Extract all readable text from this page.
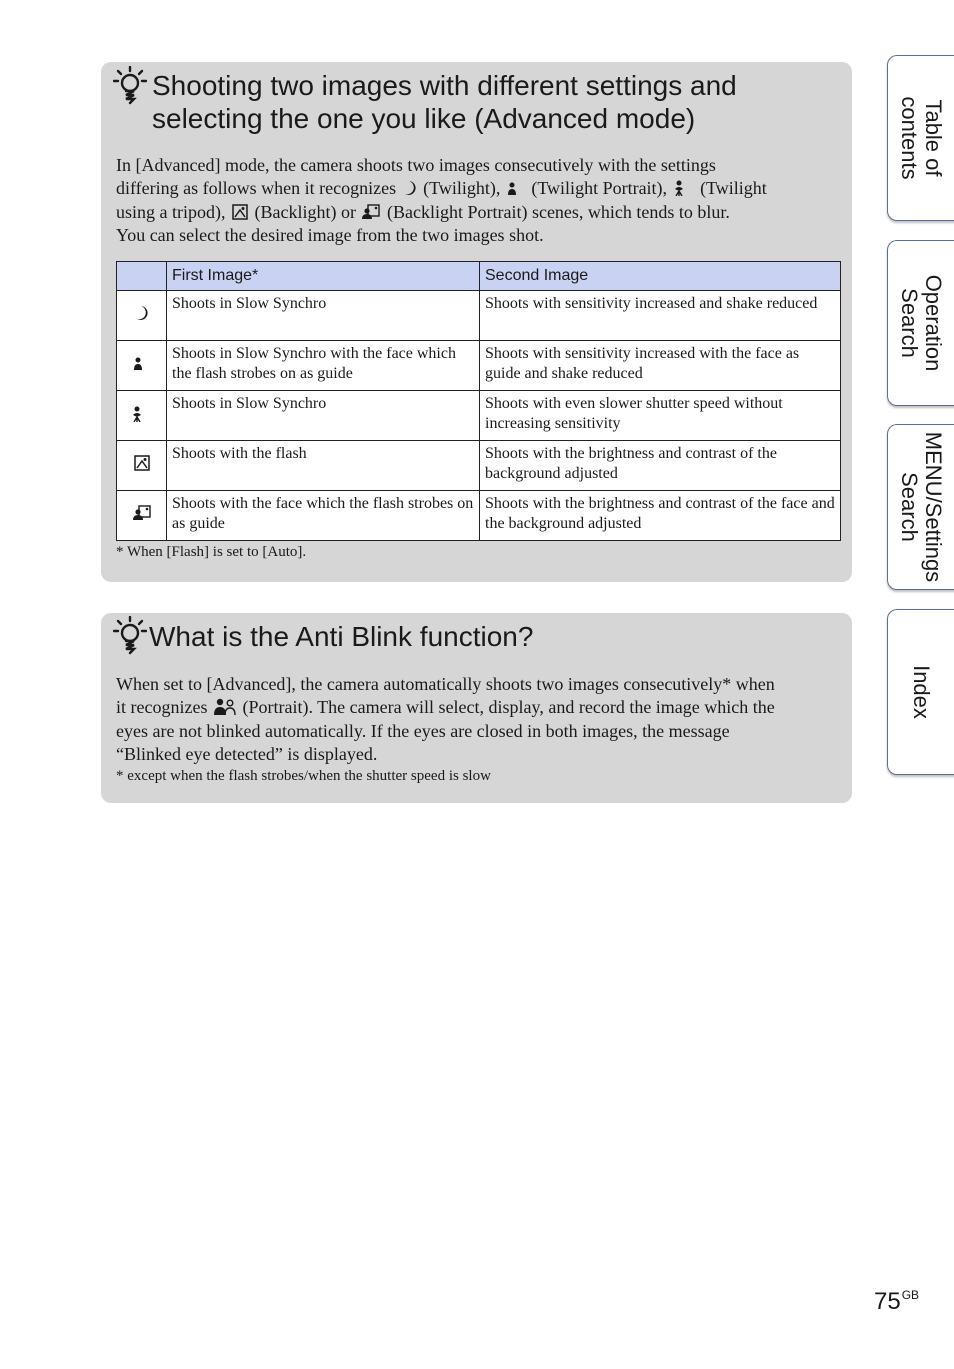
Shooting two images with different settings and
selecting the one you like (Advanced mode)

In [Advanced] mode, the camera shoots two images consecutively with the settings
differing as follows when it recognizes (Twilight), (Twilight Portrait), (Twilight
using a tripod), (Backlight) or (Backlight Portrait) scenes, which tends to blur.
You can select the desired image from the two images shot.

	First Image*	Second Image
	Shoots in Slow Synchro	Shoots with sensitivity increased and shake reduced
	Shoots in Slow Synchro with the face which the flash strobes on as guide	Shoots with sensitivity increased with the face as guide and shake reduced
	Shoots in Slow Synchro	Shoots with even slower shutter speed without increasing sensitivity
	Shoots with the flash	Shoots with the brightness and contrast of the background adjusted
	Shoots with the face which the flash strobes on as guide	Shoots with the brightness and contrast of the face and the background adjusted

* When [Flash] is set to [Auto].

What is the Anti Blink function?

When set to [Advanced], the camera automatically shoots two images consecutively* when
it recognizes (Portrait). The camera will select, display, and record the image which the
eyes are not blinked automatically. If the eyes are closed in both images, the message
“Blinked eye detected” is displayed.

* except when the flash strobes/when the shutter speed is slow

Table of
contents
Operation
Search
MENU/Settings
Search
Index
$75^{GB}$
